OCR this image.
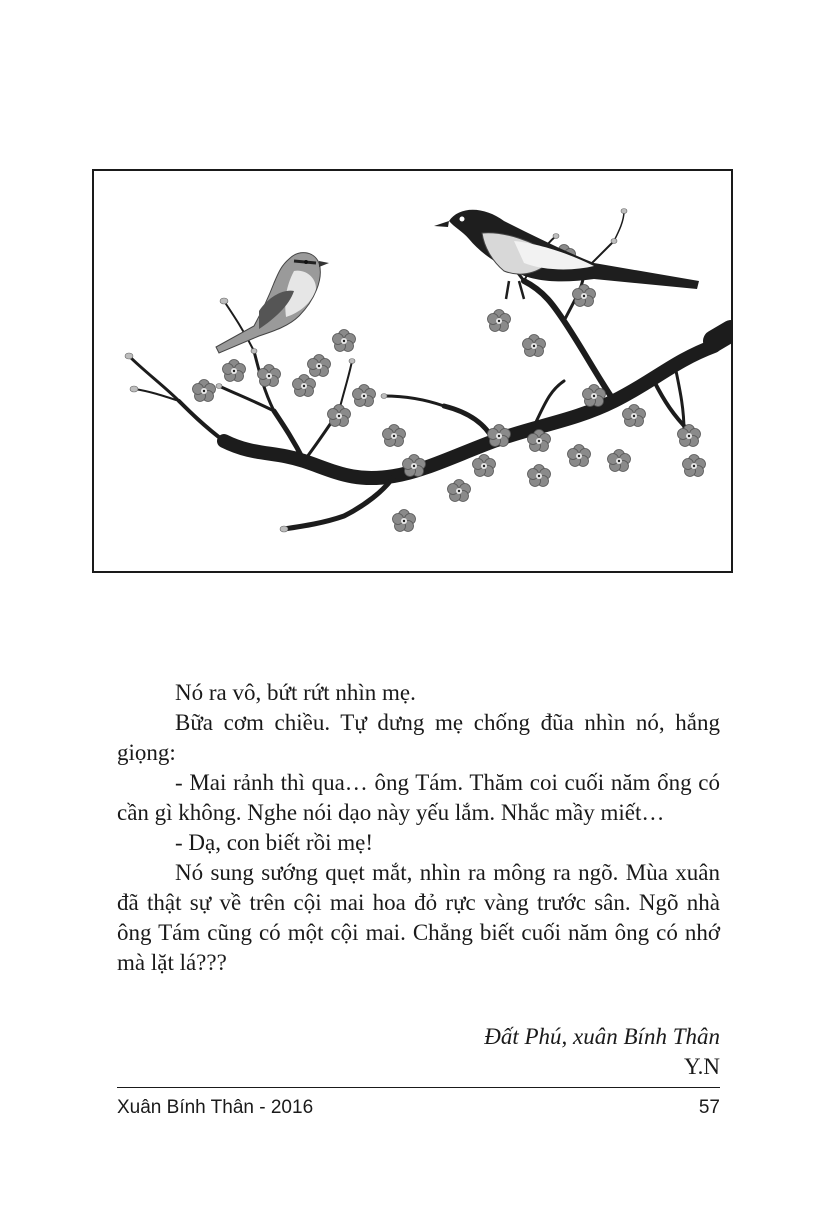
Nó ra vô, bứt rứt nhìn mẹ.

Bữa cơm chiều. Tự dưng mẹ chống đũa nhìn nó, hắng giọng:

- Mai rảnh thì qua… ông Tám. Thăm coi cuối năm ổng có cần gì không. Nghe nói dạo này yếu lắm. Nhắc mầy miết…

- Dạ, con biết rồi mẹ!

Nó sung sướng quẹt mắt, nhìn ra mông ra ngõ. Mùa xuân đã thật sự về trên cội mai hoa đỏ rực vàng trước sân. Ngõ nhà ông Tám cũng có một cội mai. Chẳng biết cuối năm ông có nhớ mà lặt lá???

Đất Phú, xuân Bính Thân
Y.N
Xuân Bính Thân - 2016	57
